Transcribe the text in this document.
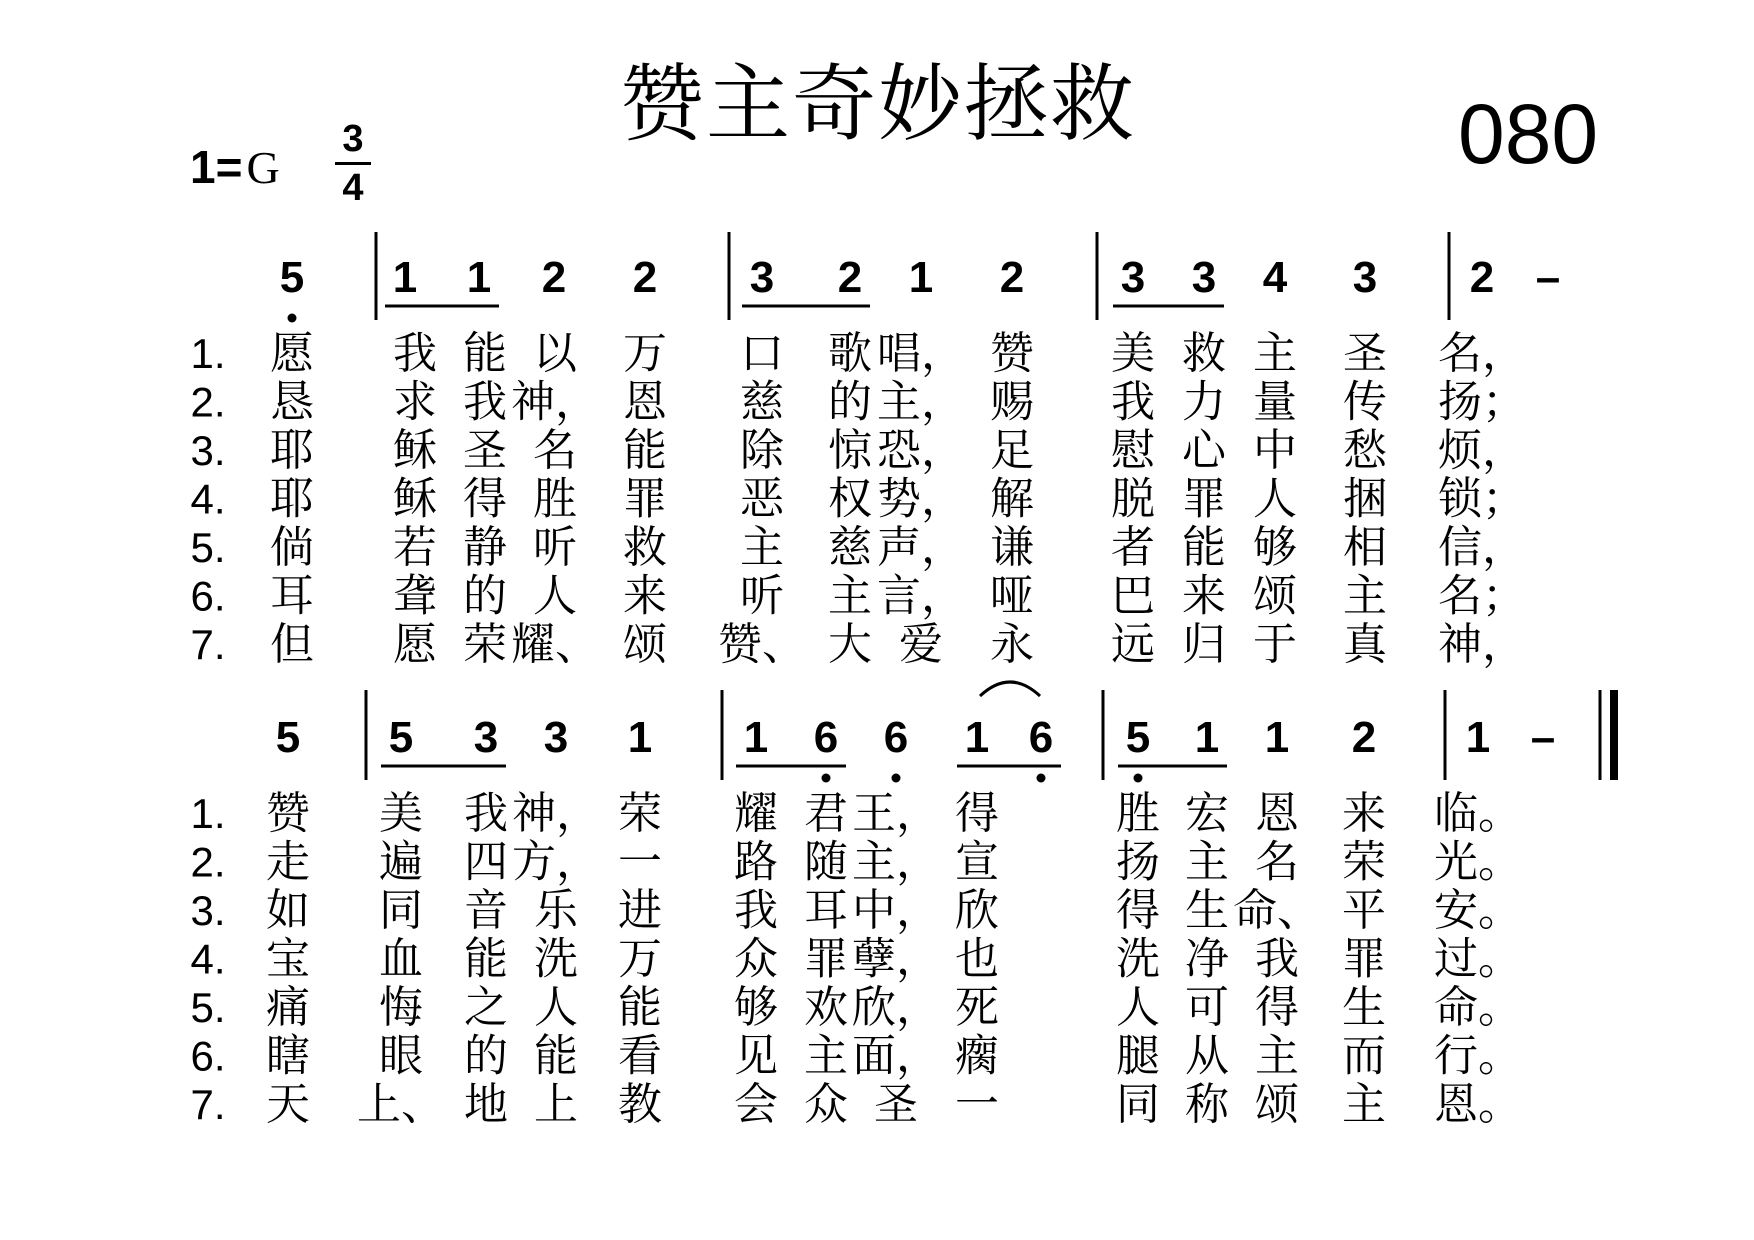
赞主奇妙拯救	080
1=G
3
4
5 1 1 2 2 3 2 1 2 3 3 4 3 2 –
1. 愿 我 能 以 万 口 歌 唱， 赞 美 救 主 圣 名，
2. 恳 求 我 神， 恩 慈 的 主， 赐 我 力 量 传 扬；
3. 耶 稣 圣 名 能 除 惊 恐， 足 慰 心 中 愁 烦，
4. 耶 稣 得 胜 罪 恶 权 势， 解 脱 罪 人 捆 锁；
5. 倘 若 静 听 救 主 慈 声， 谦 者 能 够 相 信，
6. 耳 聋 的 人 来 听 主 言， 哑 巴 来 颂 主 名；
7. 但 愿 荣 耀、 颂 赞、 大 爱 永 远 归 于 真 神，
5 5 3 3 1 1 6 6 1 6 5 1 1 2 1 –
1. 赞 美 我 神， 荣 耀 君 王， 得	胜 宏 恩 来 临。
2. 走 遍 四 方， 一 路 随 主， 宣	扬 主 名 荣 光。
3. 如 同 音 乐 进 我 耳 中， 欣	得 生 命、 平 安。
4. 宝 血 能 洗 万 众 罪 孽， 也	洗 净 我 罪 过。
5. 痛 悔 之 人 能 够 欢 欣， 死	人 可 得 生 命。
6. 瞎 眼 的 能 看 见 主 面， 瘸	腿 从 主 而 行。
7. 天 上、 地 上 教 会 众 圣 一	同 称 颂 主 恩。
